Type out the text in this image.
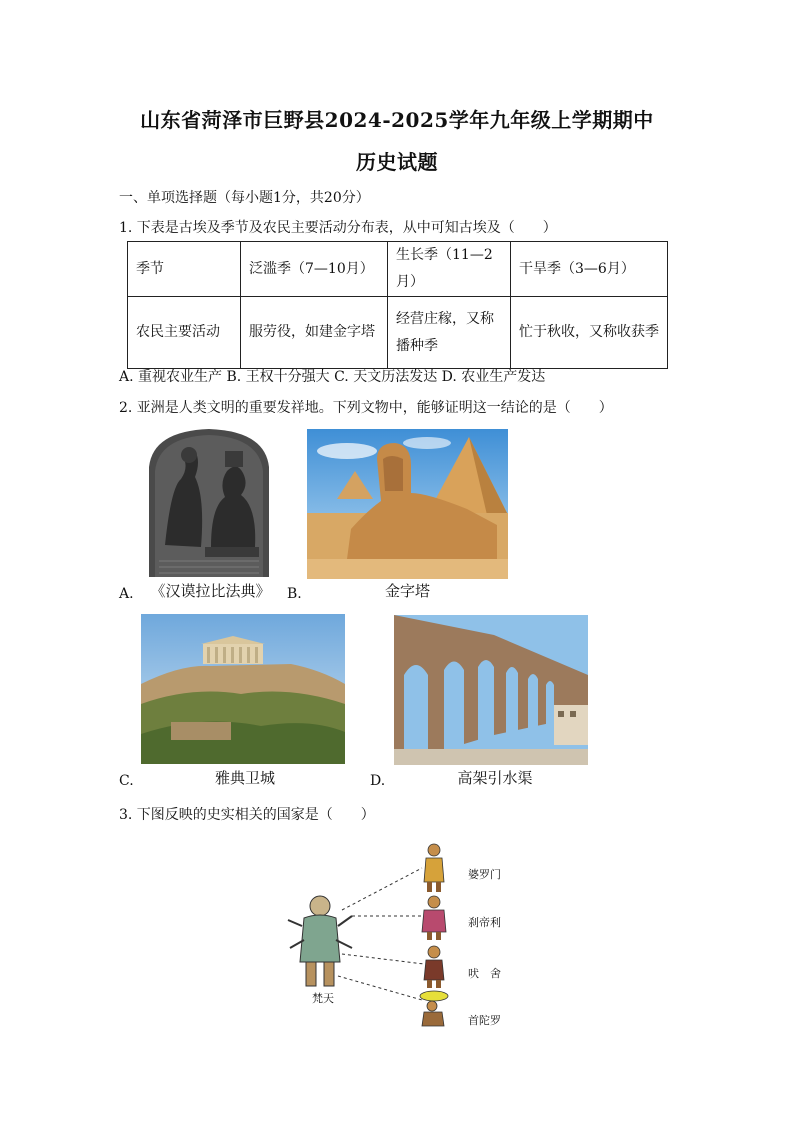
山东省菏泽市巨野县2024-2025学年九年级上学期期中
历史试题
一、单项选择题（每小题1分，共20分）
1. 下表是古埃及季节及农民主要活动分布表，从中可知古埃及（　　）
季节	泛滥季（7—10月）	生长季（11—2月）	干旱季（3—6月）
农民主要活动	服劳役，如建金字塔	经营庄稼，又称播种季	忙于秋收，又称收获季
A. 重视农业生产 B. 王权十分强大 C. 天文历法发达 D. 农业生产发达
2. 亚洲是人类文明的重要发祥地。下列文物中，能够证明这一结论的是（　　）
A.	《汉谟拉比法典》	B.	金字塔
C.	雅典卫城	D.	高架引水渠
3. 下图反映的史实相关的国家是（　　）
梵天
婆罗门
刹帝利
吠　舍
首陀罗
